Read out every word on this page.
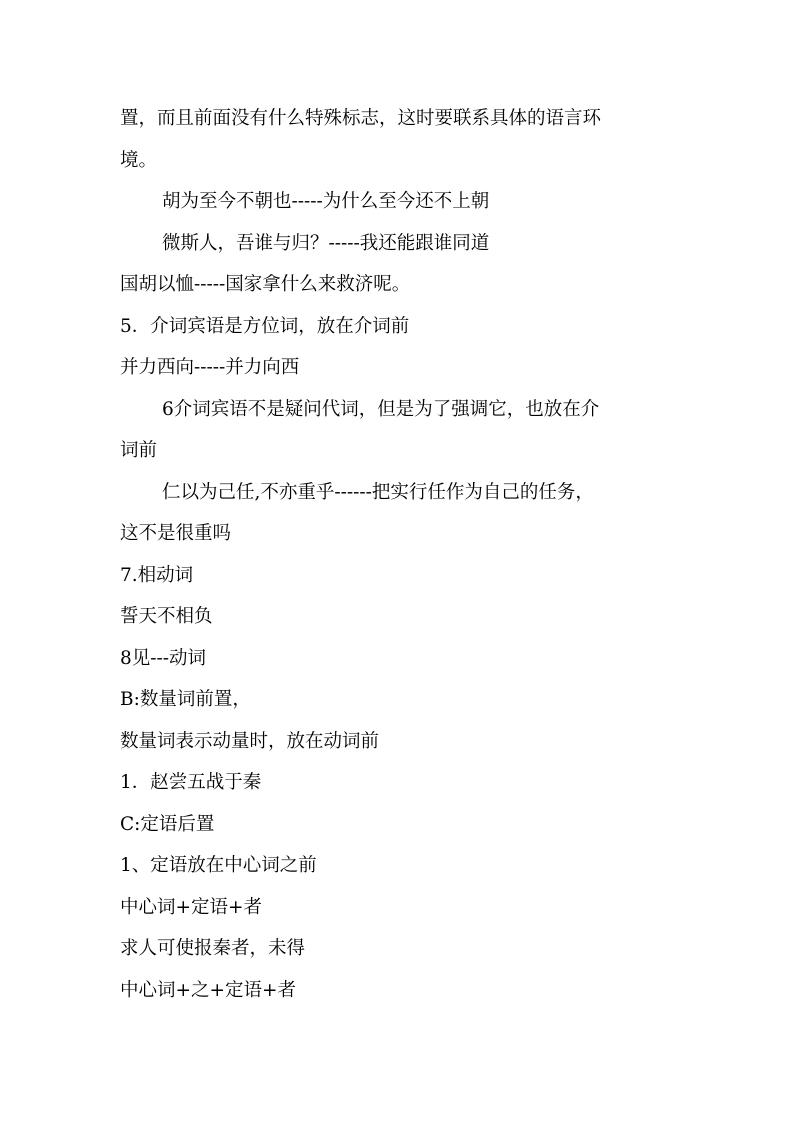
置，而且前面没有什么特殊标志，这时要联系具体的语言环

境。

胡为至今不朝也-----为什么至今还不上朝

微斯人，吾谁与归？-----我还能跟谁同道

国胡以恤-----国家拿什么来救济呢。

5．介词宾语是方位词，放在介词前

并力西向-----并力向西

6介词宾语不是疑问代词，但是为了强调它，也放在介

词前

仁以为己任,不亦重乎------把实行任作为自己的任务，

这不是很重吗

7.相动词

誓天不相负

8见---动词

B:数量词前置，

数量词表示动量时，放在动词前

1．赵尝五战于秦

C:定语后置

1、定语放在中心词之前

中心词+定语+者

求人可使报秦者，未得

中心词+之+定语+者
